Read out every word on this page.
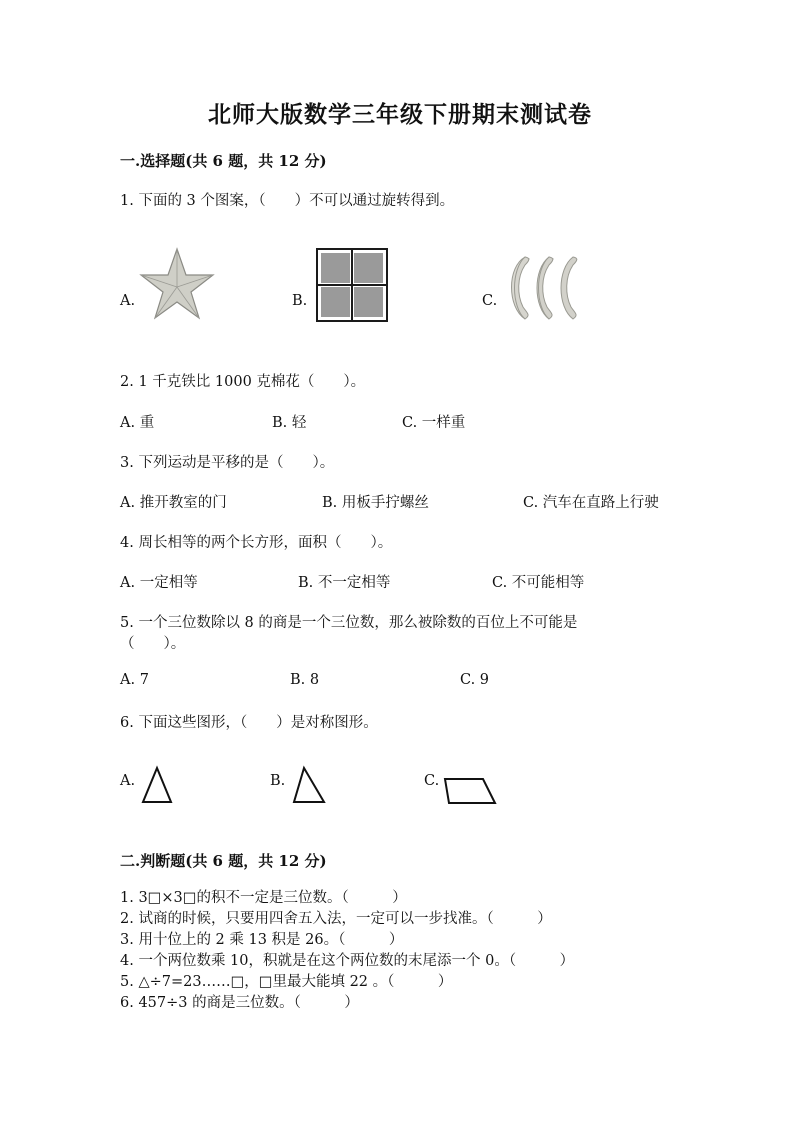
北师大版数学三年级下册期末测试卷
一.选择题(共 6 题，共 12 分)
1. 下面的 3 个图案，（　　）不可以通过旋转得到。
A.	B.	C.
2. 1 千克铁比 1000 克棉花（　　）。
A. 重	B. 轻	C. 一样重
3. 下列运动是平移的是（　　）。
A. 推开教室的门	B. 用板手拧螺丝	C. 汽车在直路上行驶
4. 周长相等的两个长方形，面积（　　）。
A. 一定相等	B. 不一定相等	C. 不可能相等
5. 一个三位数除以 8 的商是一个三位数，那么被除数的百位上不可能是
（　　）。
A. 7	B. 8	C. 9
6. 下面这些图形，（　　）是对称图形。
A.	B.	C.
二.判断题(共 6 题，共 12 分)
1. 3□×3□的积不一定是三位数。（　　　）
2. 试商的时候，只要用四舍五入法，一定可以一步找准。（　　　）
3. 用十位上的 2 乘 13 积是 26。（　　　）
4. 一个两位数乘 10，积就是在这个两位数的末尾添一个 0。（　　　）
5. △÷7=23……□，□里最大能填 22 。（　　　）
6. 457÷3 的商是三位数。（　　　）
